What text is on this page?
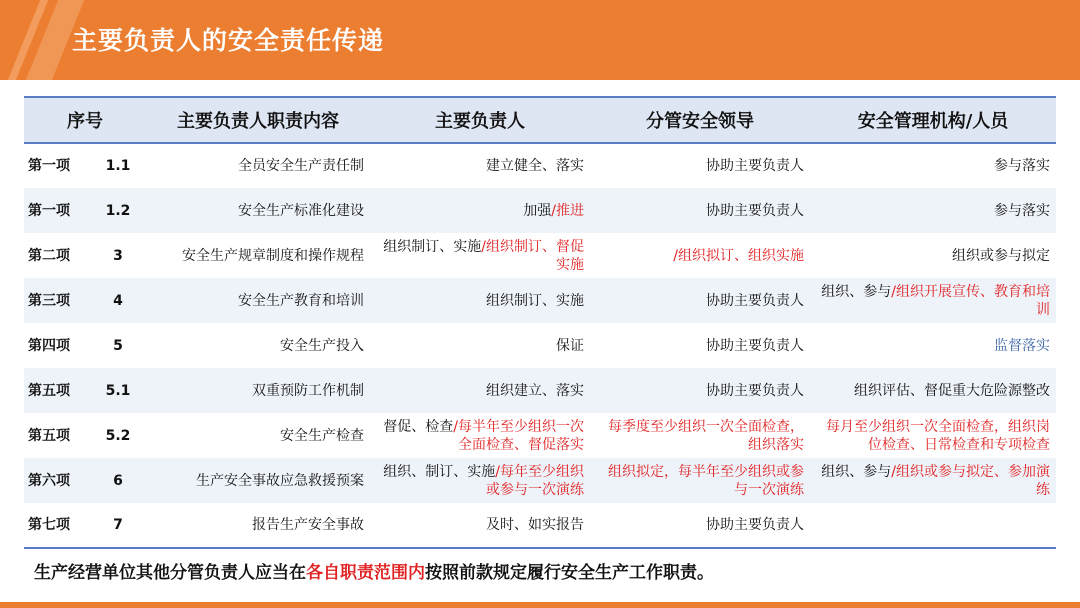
主要负责人的安全责任传递
序号		主要负责人职责内容	主要负责人	分管安全领导	安全管理机构/人员
第一项	1.1	全员安全生产责任制	建立健全、落实	协助主要负责人	参与落实
第一项	1.2	安全生产标准化建设	加强/推进	协助主要负责人	参与落实
第二项	3	安全生产规章制度和操作规程	组织制订、实施/组织制订、督促实施	/组织拟订、组织实施	组织或参与拟定
第三项	4	安全生产教育和培训	组织制订、实施	协助主要负责人	组织、参与/组织开展宣传、教育和培训
第四项	5	安全生产投入	保证	协助主要负责人	监督落实
第五项	5.1	双重预防工作机制	组织建立、落实	协助主要负责人	组织评估、督促重大危险源整改
第五项	5.2	安全生产检查	督促、检查/每半年至少组织一次全面检查、督促落实	每季度至少组织一次全面检查，组织落实	每月至少组织一次全面检查，组织岗位检查、日常检查和专项检查
第六项	6	生产安全事故应急救援预案	组织、制订、实施/每年至少组织或参与一次演练	组织拟定，每半年至少组织或参与一次演练	组织、参与/组织或参与拟定、参加演练
第七项	7	报告生产安全事故	及时、如实报告	协助主要负责人	
生产经营单位其他分管负责人应当在各自职责范围内按照前款规定履行安全生产工作职责。
